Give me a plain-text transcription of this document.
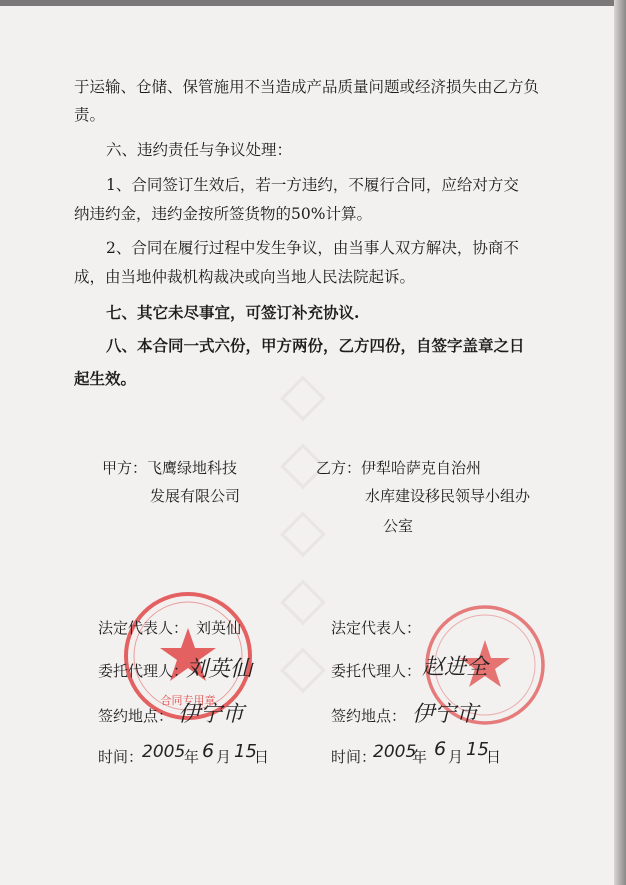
◇
◇
◇
◇
◇
于运输、仓储、保管施用不当造成产品质量问题或经济损失由乙方负
责。
六、违约责任与争议处理：
1、合同签订生效后，若一方违约，不履行合同，应给对方交
纳违约金，违约金按所签货物的50%计算。
2、合同在履行过程中发生争议，由当事人双方解决，协商不
成，由当地仲裁机构裁决或向当地人民法院起诉。
七、其它未尽事宜，可签订补充协议.
八、本合同一式六份，甲方两份，乙方四份，自签字盖章之日
起生效。
甲方：飞鹰绿地科技
发展有限公司
乙方：伊犁哈萨克自治州
水库建设移民领导小组办
公室
合同专用章
法定代表人： 刘英仙
委托代理人：
刘英仙
签约地点： 伊宁市
时间：
2005
年 6 月 15
日
法定代表人：
委托代理人： 赵进全
签约地点： 伊宁市
时间：
2005
年 6 月 15
日
